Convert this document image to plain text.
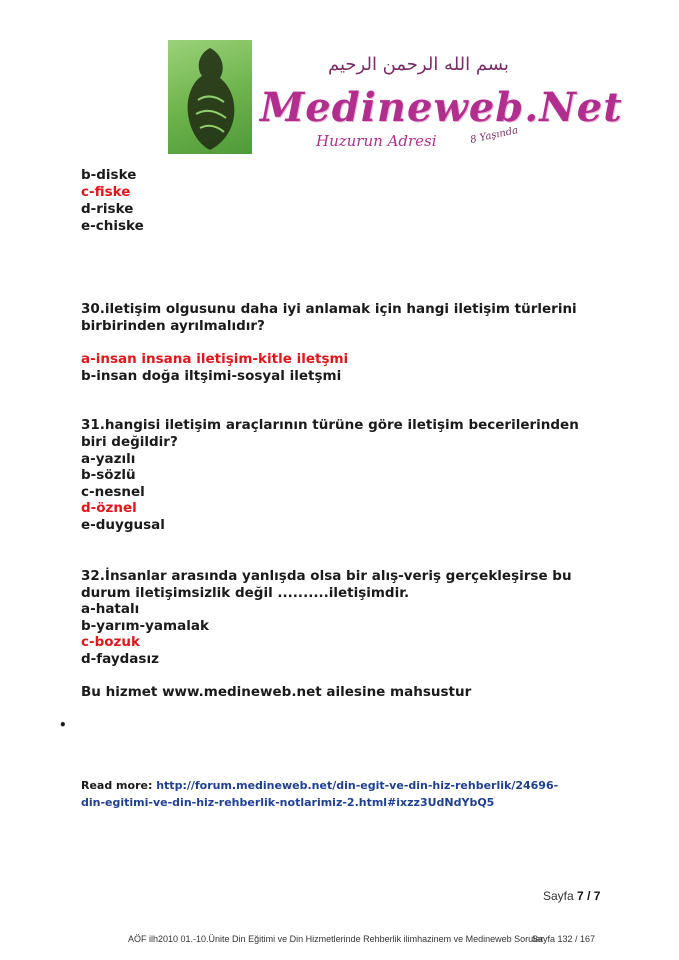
بسم الله الرحمن الرحيم
Medineweb.Net
Huzurun Adresi	8 Yaşında
b-diske
c-fiske
d-riske
e-chiske
30.iletişim olgusunu daha iyi anlamak için hangi iletişim türlerini
birbirinden ayrılmalıdır?
a-insan insana iletişim-kitle iletşmi
b-insan doğa iltşimi-sosyal iletşmi
31.hangisi iletişim araçlarının türüne göre iletişim becerilerinden
biri değildir?
a-yazılı
b-sözlü
c-nesnel
d-öznel
e-duygusal
32.İnsanlar arasında yanlışda olsa bir alış-veriş gerçekleşirse bu
durum iletişimsizlik değil ..........iletişimdir.
a-hatalı
b-yarım-yamalak
c-bozuk
d-faydasız
Bu hizmet www.medineweb.net ailesine mahsustur
•
Read more: http://forum.medineweb.net/din-egit-ve-din-hiz-rehberlik/24696-
din-egitimi-ve-din-hiz-rehberlik-notlarimiz-2.html#ixzz3UdNdYbQ5
Sayfa 7 / 7
AÖF ilh2010 01.-10.Ünite Din Eğitimi ve Din Hizmetlerinde Rehberlik ilimhazinem ve Medineweb Sorular
Sayfa 132 / 167
